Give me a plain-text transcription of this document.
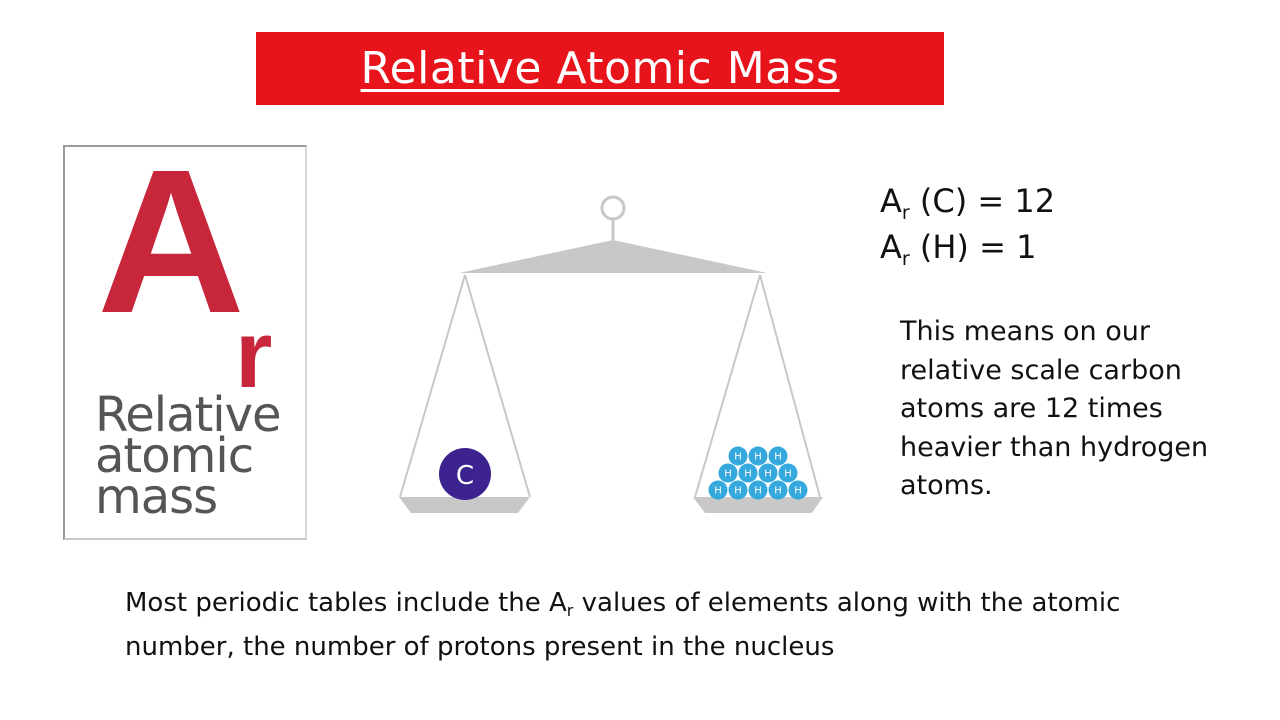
Relative Atomic Mass
A
r
Relative
atomic
mass	C	H H H H H
H H H H
H H H
$A_r$ (C) = 12
$A_r$ (H) = 1
This means on our relative scale carbon atoms are 12 times heavier than hydrogen atoms.
Most periodic tables include the $A_r$ values of elements along with the atomic number, the number of protons present in the nucleus
